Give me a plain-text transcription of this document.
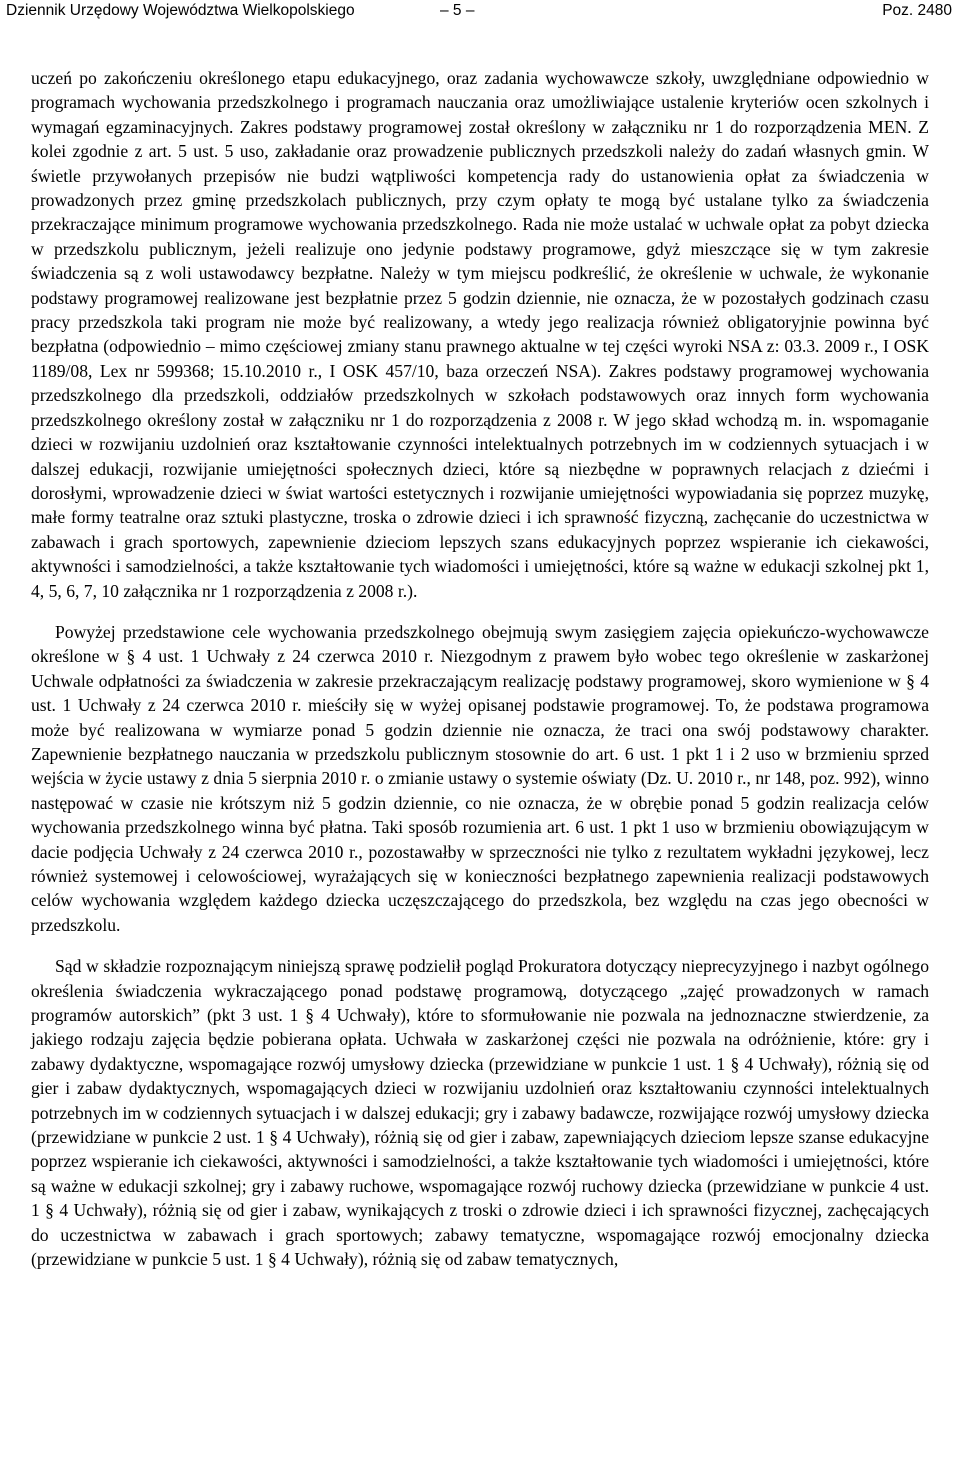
Dziennik Urzędowy Województwa Wielkopolskiego	– 5 –	Poz. 2480

uczeń po zakończeniu określonego etapu edukacyjnego, oraz zadania wychowawcze szkoły, uwzględniane odpowiednio w programach wychowania przedszkolnego i programach nauczania oraz umożliwiające ustalenie kryteriów ocen szkolnych i wymagań egzaminacyjnych. Zakres podstawy programowej został określony w załączniku nr 1 do rozporządzenia MEN. Z kolei zgodnie z art. 5 ust. 5 uso, zakładanie oraz prowadzenie publicznych przedszkoli należy do zadań własnych gmin. W świetle przywołanych przepisów nie budzi wątpliwości kompetencja rady do ustanowienia opłat za świadczenia w prowadzonych przez gminę przedszkolach publicznych, przy czym opłaty te mogą być ustalane tylko za świadczenia przekraczające minimum programowe wychowania przedszkolnego. Rada nie może ustalać w uchwale opłat za pobyt dziecka w przedszkolu publicznym, jeżeli realizuje ono jedynie podstawy programowe, gdyż mieszczące się w tym zakresie świadczenia są z woli ustawodawcy bezpłatne. Należy w tym miejscu podkreślić, że określenie w uchwale, że wykonanie podstawy programowej realizowane jest bezpłatnie przez 5 godzin dziennie, nie oznacza, że w pozostałych godzinach czasu pracy przedszkola taki program nie może być realizowany, a wtedy jego realizacja również obligatoryjnie powinna być bezpłatna (odpowiednio – mimo częściowej zmiany stanu prawnego aktualne w tej części wyroki NSA z: 03.3. 2009 r., I OSK 1189/08, Lex nr 599368; 15.10.2010 r., I OSK 457/10, baza orzeczeń NSA). Zakres podstawy programowej wychowania przedszkolnego dla przedszkoli, oddziałów przedszkolnych w szkołach podstawowych oraz innych form wychowania przedszkolnego określony został w załączniku nr 1 do rozporządzenia z 2008 r. W jego skład wchodzą m. in. wspomaganie dzieci w rozwijaniu uzdolnień oraz kształtowanie czynności intelektualnych potrzebnych im w codziennych sytuacjach i w dalszej edukacji, rozwijanie umiejętności społecznych dzieci, które są niezbędne w poprawnych relacjach z dziećmi i dorosłymi, wprowadzenie dzieci w świat wartości estetycznych i rozwijanie umiejętności wypowiadania się poprzez muzykę, małe formy teatralne oraz sztuki plastyczne, troska o zdrowie dzieci i ich sprawność fizyczną, zachęcanie do uczestnictwa w zabawach i grach sportowych, zapewnienie dzieciom lepszych szans edukacyjnych poprzez wspieranie ich ciekawości, aktywności i samodzielności, a także kształtowanie tych wiadomości i umiejętności, które są ważne w edukacji szkolnej pkt 1, 4, 5, 6, 7, 10 załącznika nr 1 rozporządzenia z 2008 r.).

Powyżej przedstawione cele wychowania przedszkolnego obejmują swym zasięgiem zajęcia opiekuńczo-wychowawcze określone w § 4 ust. 1 Uchwały z 24 czerwca 2010 r. Niezgodnym z prawem było wobec tego określenie w zaskarżonej Uchwale odpłatności za świadczenia w zakresie przekraczającym realizację podstawy programowej, skoro wymienione w § 4 ust. 1 Uchwały z 24 czerwca 2010 r. mieściły się w wyżej opisanej podstawie programowej. To, że podstawa programowa może być realizowana w wymiarze ponad 5 godzin dziennie nie oznacza, że traci ona swój podstawowy charakter. Zapewnienie bezpłatnego nauczania w przedszkolu publicznym stosownie do art. 6 ust. 1 pkt 1 i 2 uso w brzmieniu sprzed wejścia w życie ustawy z dnia 5 sierpnia 2010 r. o zmianie ustawy o systemie oświaty (Dz. U. 2010 r., nr 148, poz. 992), winno następować w czasie nie krótszym niż 5 godzin dziennie, co nie oznacza, że w obrębie ponad 5 godzin realizacja celów wychowania przedszkolnego winna być płatna. Taki sposób rozumienia art. 6 ust. 1 pkt 1 uso w brzmieniu obowiązującym w dacie podjęcia Uchwały z 24 czerwca 2010 r., pozostawałby w sprzeczności nie tylko z rezultatem wykładni językowej, lecz również systemowej i celowościowej, wyrażających się w konieczności bezpłatnego zapewnienia realizacji podstawowych celów wychowania względem każdego dziecka uczęszczającego do przedszkola, bez względu na czas jego obecności w przedszkolu.

Sąd w składzie rozpoznającym niniejszą sprawę podzielił pogląd Prokuratora dotyczący nieprecyzyjnego i nazbyt ogólnego określenia świadczenia wykraczającego ponad podstawę programową, dotyczącego „zajęć prowadzonych w ramach programów autorskich” (pkt 3 ust. 1 § 4 Uchwały), które to sformułowanie nie pozwala na jednoznaczne stwierdzenie, za jakiego rodzaju zajęcia będzie pobierana opłata. Uchwała w zaskarżonej części nie pozwala na odróżnienie, które: gry i zabawy dydaktyczne, wspomagające rozwój umysłowy dziecka (przewidziane w punkcie 1 ust. 1 § 4 Uchwały), różnią się od gier i zabaw dydaktycznych, wspomagających dzieci w rozwijaniu uzdolnień oraz kształtowaniu czynności intelektualnych potrzebnych im w codziennych sytuacjach i w dalszej edukacji; gry i zabawy badawcze, rozwijające rozwój umysłowy dziecka (przewidziane w punkcie 2 ust. 1 § 4 Uchwały), różnią się od gier i zabaw, zapewniających dzieciom lepsze szanse edukacyjne poprzez wspieranie ich ciekawości, aktywności i samodzielności, a także kształtowanie tych wiadomości i umiejętności, które są ważne w edukacji szkolnej; gry i zabawy ruchowe, wspomagające rozwój ruchowy dziecka (przewidziane w punkcie 4 ust. 1 § 4 Uchwały), różnią się od gier i zabaw, wynikających z troski o zdrowie dzieci i ich sprawności fizycznej, zachęcających do uczestnictwa w zabawach i grach sportowych; zabawy tematyczne, wspomagające rozwój emocjonalny dziecka (przewidziane w punkcie 5 ust. 1 § 4 Uchwały), różnią się od zabaw tematycznych,
